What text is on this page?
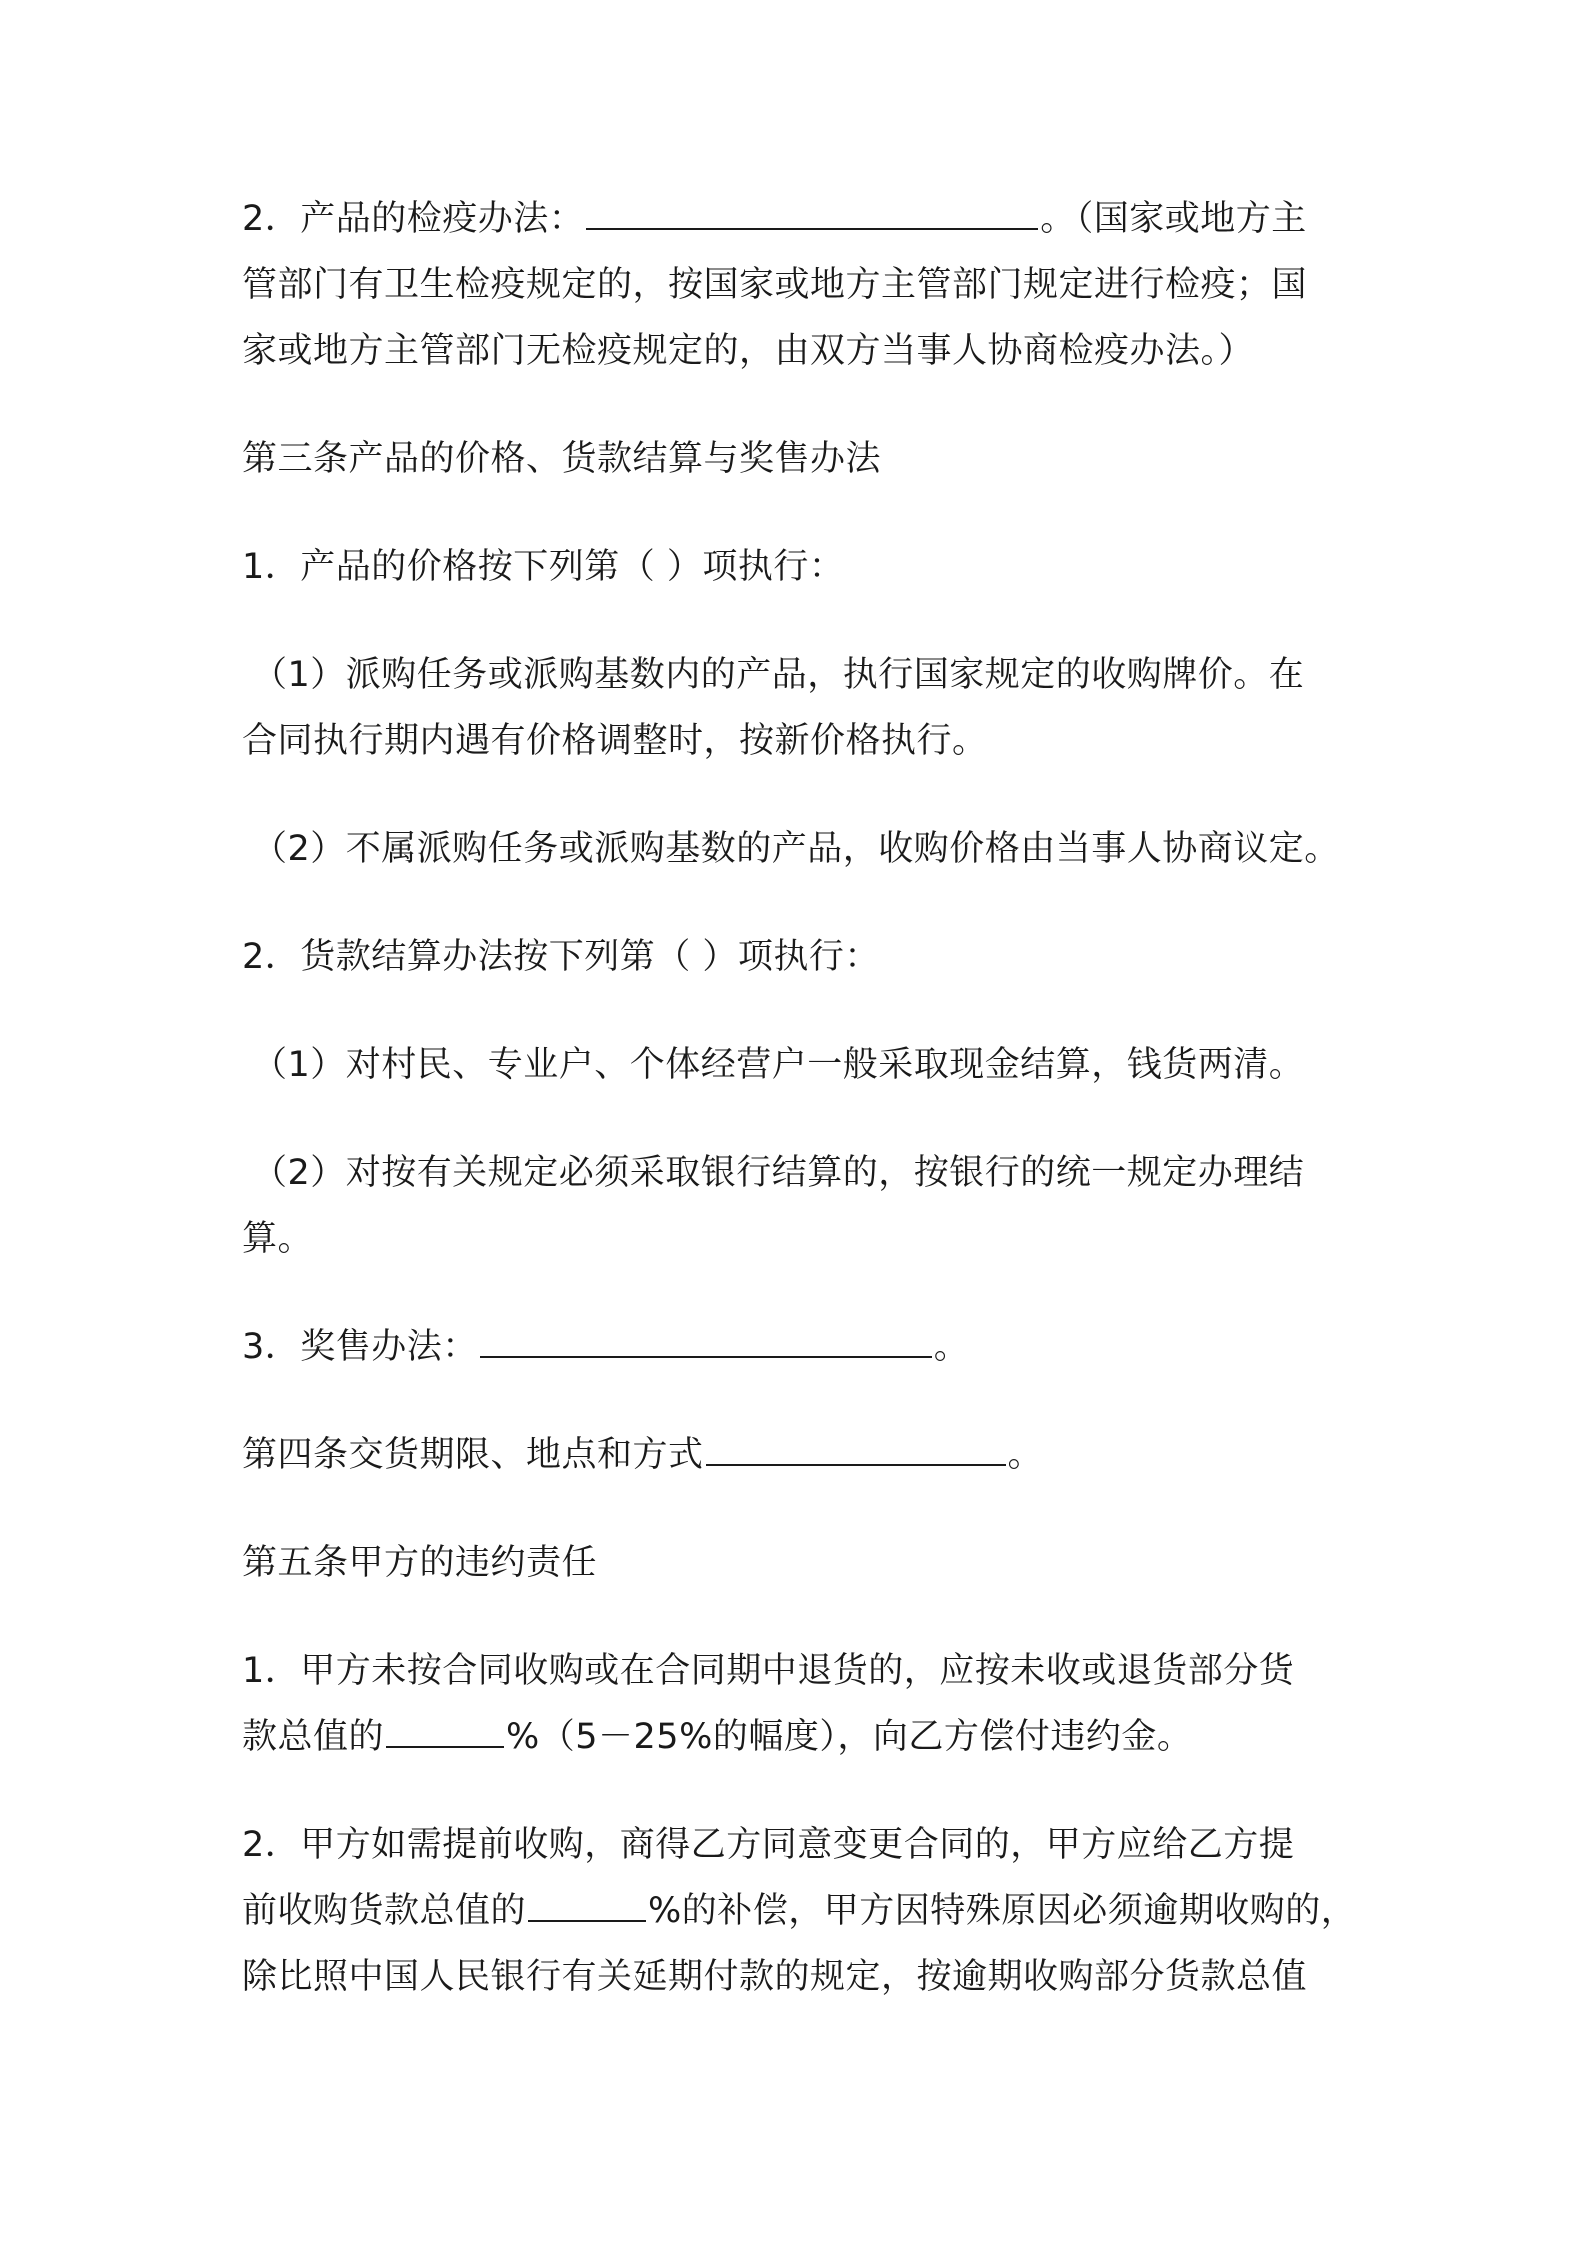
2．产品的检疫办法：	。（国家或地方主
管部门有卫生检疫规定的，按国家或地方主管部门规定进行检疫；国
家或地方主管部门无检疫规定的，由双方当事人协商检疫办法。）

第三条产品的价格、货款结算与奖售办法

1．产品的价格按下列第（ ）项执行：

（1）派购任务或派购基数内的产品，执行国家规定的收购牌价。在
合同执行期内遇有价格调整时，按新价格执行。

（2）不属派购任务或派购基数的产品，收购价格由当事人协商议定。

2．货款结算办法按下列第（ ）项执行：

（1）对村民、专业户、个体经营户一般采取现金结算，钱货两清。

（2）对按有关规定必须采取银行结算的，按银行的统一规定办理结
算。

3．奖售办法：	。

第四条交货期限、地点和方式	。

第五条甲方的违约责任

1．甲方未按合同收购或在合同期中退货的，应按未收或退货部分货
款总值的	%（5－25%的幅度），向乙方偿付违约金。

2．甲方如需提前收购，商得乙方同意变更合同的，甲方应给乙方提
前收购货款总值的	%的补偿，甲方因特殊原因必须逾期收购的，
除比照中国人民银行有关延期付款的规定，按逾期收购部分货款总值
